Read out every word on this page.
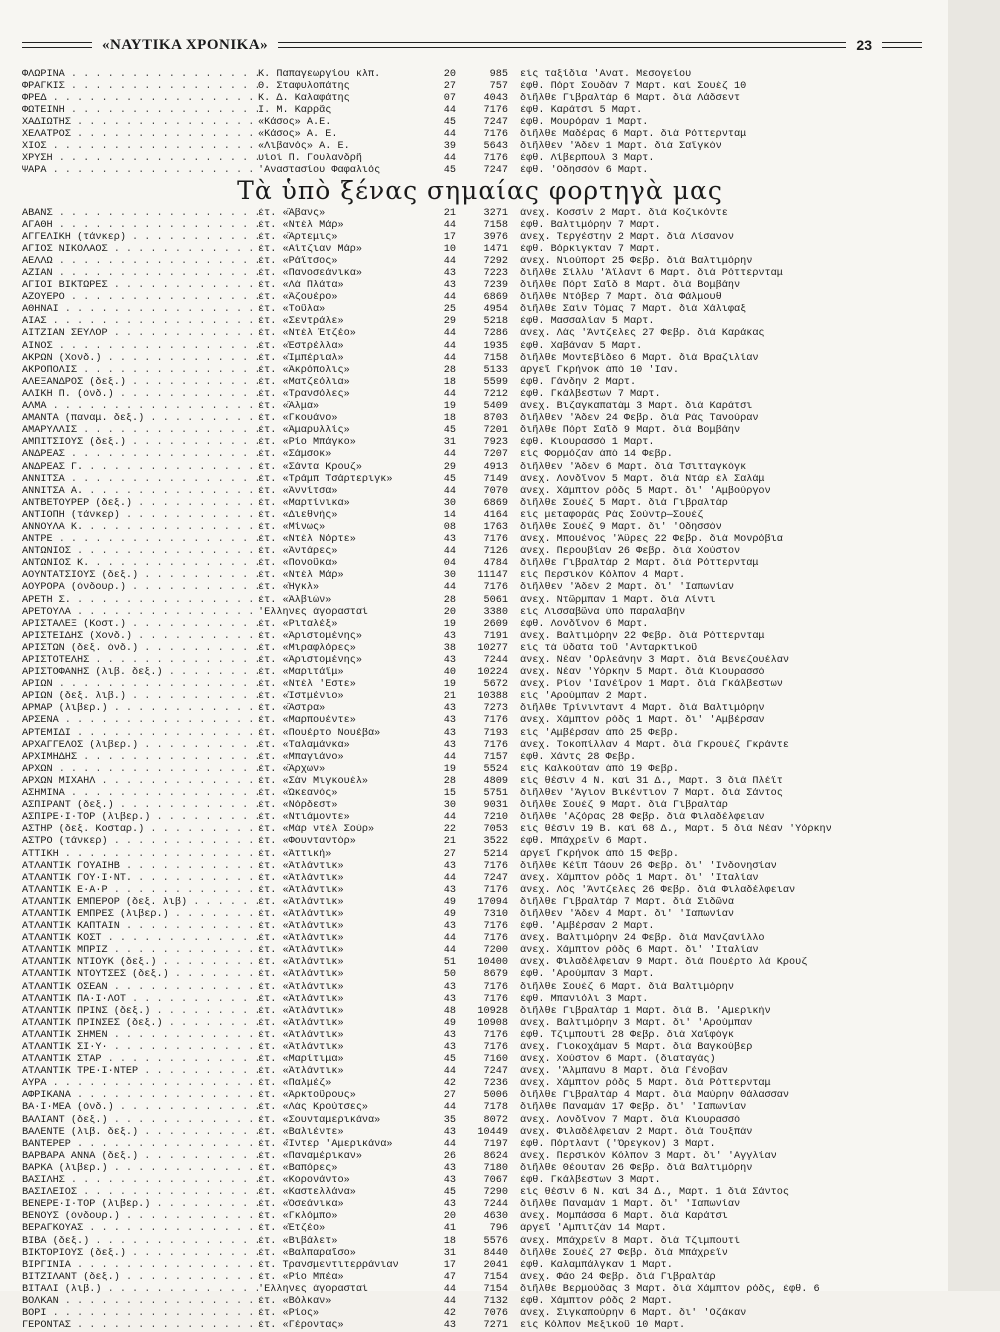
«ΝΑΥΤΙΚΑ ΧΡΟΝΙΚΑ»	23
ΦΛΩΡΙΝΑ . . .	Κ. Παπαγεωργίου κλπ.	20	985	εἰς ταξίδια 'Ανατ. Μεσογείου
ΦΡΑΓΚΙΣ . . .	Θ. Σταφυλοπάτης	27	757	ἐφθ. Πόρτ Σουδὰν 7 Μαρτ. καὶ Σουὲζ 10
ΦΡΕΔ . . .	Κ. Δ. Καλαφάτης	07	4043	διῆλθε Γιβραλτὰρ 6 Μαρτ. διὰ Λάδσεντ
ΦΩΤΕΙΝΗ . . .	Ι. Μ. Καρρᾶς	44	7176	ἐφθ. Καράτσι 5 Μαρτ.
ΧΑΔΙΩΤΗΣ . . .	«Κάσος» Α.Ε.	45	7247	ἐφθ. Μουρόραν 1 Μαρτ.
ΧΕΛΑΤΡΟΣ . . .	«Κάσος» Α. Ε.	44	7176	διῆλθε Μαδέρας 6 Μαρτ. διὰ Ρόττερνταμ
ΧΙΟΣ . . .	«Λιβανός» Α. Ε.	39	5643	διῆλθεν 'Άδεν 1 Μαρτ. διὰ Σαϊγκὸν
ΧΡΥΣΗ . . .	υἱοὶ Π. Γουλανδρῆ	44	7176	ἐφθ. Λίβερπουλ 3 Μαρτ.
ΨΑΡΑ . . .	'Αναστασίου Φαφαλιός	45	7247	ἐφθ. 'Οδησσὸν 6 Μαρτ.
Τὰ ὑπὸ ξένας σημαίας φορτηγὰ μας
ΑΒΑΝΣ . . .	ἐτ. «Ἄβανς»	21	3271	ἀνεχ. Κοσσὶν 2 Μαρτ. διὰ Κοζικόντε
ΑΓΑΘΗ . . .	ἐτ. «Ντὲλ Μάρ»	44	7158	ἐφθ. Βαλτιμόρην 7 Μαρτ.
ΑΓΓΕΛΙΚΗ (τάνκερ) . . .	ἐτ. «Ἄρτεμις»	17	3976	ἀνεχ. Τεργέστην 2 Μαρτ. διὰ Λίσανον
ΑΓΙΟΣ ΝΙΚΟΛΑΟΣ . . .	ἐτ. «Αἴτζιαν Μάρ»	10	1471	ἐφθ. Βόρκιγκταν 7 Μαρτ.
ΑΕΛΛΩ . . .	ἐτ. «Ράϊτσος»	44	7292	ἀνεχ. Νιούπορτ 25 Φεβρ. διὰ Βαλτιμόρην
ΑΖΙΑΝ . . .	ἐτ. «Πανοσεάνικα»	43	7223	διῆλθε Σίλλυ 'Άϊλαντ 6 Μαρτ. διὰ Ρόττερνταμ
ΑΓΙΟΙ ΒΙΚΤΩΡΕΣ . . .	ἐτ. «Λὰ Πλάτα»	43	7239	διῆλθε Πόρτ Σαΐδ 8 Μαρτ. διὰ Βομβάην
ΑΖΟΥΕΡΟ . . .	ἐτ. «Ἀζουέρο»	44	6869	διῆλθε Ντόβερ 7 Μαρτ. διὰ Φάλμουθ
ΑΘΗΝΑΙ . . .	ἐτ. «Τοῦλα»	25	4954	διῆλθε Σαὶν Τόμας 7 Μαρτ. διὰ Χάλιφαξ
ΑΙΑΣ . . .	ἐτ. «Σεντράλε»	29	5218	ἐφθ. Μασσαλίαν 5 Μαρτ.
ΑΙΤΖΙΑΝ ΣΕΫΛΟΡ . . .	ἐτ. «Ντὲλ Ἐτζέο»	44	7286	ἀνεχ. Λὰς 'Άντζελες 27 Φεβρ. διὰ Καράκας
ΑΙΝΟΣ . . .	ἐτ. «Ἐστρέλλα»	44	1935	ἐφθ. Χαβάναν 5 Μαρτ.
ΑΚΡΩΝ (Χονδ.) . . .	ἐτ. «Ἰμπέριαλ»	44	7158	διῆλθε Μοντεβίδεο 6 Μαρτ. διὰ Βραζιλίαν
ΑΚΡΟΠΟΛΙΣ . . .	ἐτ. «Ἀκρόπολις»	28	5133	ἀργεῖ Γκρήνοκ ἀπὸ 10 'Ιαν.
ΑΛΕΞΑΝΔΡΟΣ (δεξ.) . . .	ἐτ. «Ματζεόλια»	18	5599	ἐφθ. Γάνδην 2 Μαρτ.
ΑΛΙΚΗ Π. (ὀνδ.) . . .	ἐτ. «Τρανσόλες»	44	7212	ἐφθ. Γκάλβεστων 7 Μαρτ.
ΑΛΜΑ . . .	ἐτ. «Ἄλμα»	19	5409	ἀνεχ. Βιζαγκαπατὰμ 3 Μαρτ. διὰ Καράτσι
ΑΜΑΝΤΑ (παναμ. δεξ.) . . .	ἐτ. «Γκουάνο»	18	8703	διῆλθεν 'Άδεν 24 Φεβρ. διὰ Ρὰς Τανούραν
ΑΜΑΡΥΛΛΙΣ . . .	ἐτ. «Ἀμαρυλλίς»	45	7201	διῆλθε Πόρτ Σαΐδ 9 Μαρτ. διὰ Βομβάην
ΑΜΠΙΤΣΙΟΥΣ (δεξ.) . . .	ἐτ. «Ρίο Μπάγκο»	31	7923	ἐφθ. Κιουρασσὸ 1 Μαρτ.
ΑΝΔΡΕΑΣ . . .	ἐτ. «Σάμσοκ»	44	7207	εἰς Φορμόζαν ἀπὸ 14 Φεβρ.
ΑΝΔΡΕΑΣ Γ. . . .	ἐτ. «Σάντα Κρουζ»	29	4913	διῆλθεν 'Άδεν 6 Μαρτ. διὰ Τσιτταγκὸγκ
ΑΝΝΙΤΣΑ . . .	ἐτ. «Τράμπ Τσάρτεριγκ»	45	7149	ἀνεχ. Λονδῖνον 5 Μαρτ. διὰ Ντὰρ ἐλ Σαλὰμ
ΑΝΝΙΤΣΑ Α. . . .	ἐτ. «Ἀννίτσα»	44	7070	ἀνεχ. Χάμπτον ρόδς 5 Μαρτ. δι' 'Αμβούργον
ΑΝΤΒΕΤΟΥΡΕΡ (δεξ.) . . .	ἐτ. «Μαρτίνικα»	30	6869	διῆλθε Σουὲζ 5 Μαρτ. διὰ Γιβραλτὰρ
ΑΝΤΙΟΠΗ (τάνκερ) . . .	ἐτ. «Διεθνὴς»	14	4164	εἰς μεταφορὰς Ρὰς Σούντρ—Σουὲζ
ΑΝΝΟΥΛΑ Κ. . . .	ἐτ. «Μίνως»	08	1763	διῆλθε Σουὲζ 9 Μαρτ. δι' 'Οδησσὸν
ΑΝΤΡΕ . . .	ἐτ. «Ντὲλ Νόρτε»	43	7176	ἀνεχ. Μπουένος 'Άϋρες 22 Φεβρ. διὰ Μονρόβια
ΑΝΤΩΝΙΟΣ . . .	ἐτ. «Ἀντάρες»	44	7126	ἀνεχ. Περουβίαν 26 Φεβρ. διὰ Χούστον
ΑΝΤΩΝΙΟΣ Κ. . . .	ἐτ. «Πονοῦκα»	04	4784	διῆλθε Γιβραλτὰρ 2 Μαρτ. διὰ Ρόττερνταμ
ΑΟΥΝΤΑΤΣΙΟΥΣ (δεξ.) . . .	ἐτ. «Ντὲλ Μάρ»	30	11147	εἰς Περσικὸν Κόλπον 4 Μαρτ.
ΑΟΥΡΟΡΑ (ὀνδουρ.) . . .	ἐτ. «Ἠγκλ»	44	7176	διῆλθεν 'Άδεν 2 Μαρτ. δι' 'Ιαπωνίαν
ΑΡΕΤΗ Σ. . . .	ἐτ. «Ἀλβιὼν»	28	5061	ἀνεχ. Ντῶρμπαν 1 Μαρτ. διὰ Λίντι
ΑΡΕΤΟΥΛΑ . . .	'Ελληνες ἀγορασταὶ	20	3380	εἰς Λισσαβῶνα ὑπὸ παραλαβὴν
ΑΡΙΣΤΑΛΕΞ (Κοστ.) . . .	ἐτ. «Ριταλέξ»	19	2609	ἐφθ. Λονδῖνον 6 Μαρτ.
ΑΡΙΣΤΕΙΔΗΣ (Χονδ.) . . .	ἐτ. «Ἀριστομένης»	43	7191	ἀνεχ. Βαλτιμόρην 22 Φεβρ. διὰ Ρόττερνταμ
ΑΡΙΣΤΩΝ (δεξ. ὀνδ.) . . .	ἐτ. «Μιραφλόρες»	38	10277	εἰς τὰ ὕδατα τοῦ 'Ανταρκτικοῦ
ΑΡΙΣΤΟΤΕΛΗΣ . . .	ἐτ. «Ἀριστομένης»	43	7244	ἀνεχ. Νέαν 'Ορλεάνην 3 Μαρτ. διὰ Βενεζουέλαν
ΑΡΙΣΤΟΦΑΝΗΣ (λιβ. δεξ.) . . .	ἐτ. «Μαριτάϊμ»	40	10224	ἀνεχ. Νέαν 'Υόρκην 5 Μαρτ. διὰ Κιουρασσὸ
ΑΡΙΩΝ . . .	ἐτ. «Ντὲλ 'Εστε»	19	5672	ἀνεχ. Ρίον 'Ιανέϊρον 1 Μαρτ. διὰ Γκάλβεστων
ΑΡΙΩΝ (δεξ. λιβ.) . . .	ἐτ. «Ἰστμένιο»	21	10388	εἰς 'Αρούμπαν 2 Μαρτ.
ΑΡΜΑΡ (λιβερ.) . . .	ἐτ. «Ἄστρα»	43	7273	διῆλθε Τρίνινταντ 4 Μαρτ. διὰ Βαλτιμόρην
ΑΡΣΕΝΑ . . .	ἐτ. «Μαρπουέντε»	43	7176	ἀνεχ. Χάμπτον ρόδς 1 Μαρτ. δι' 'Αμβέρσαν
ΑΡΤΕΜΙΔΙ . . .	ἐτ. «Πουέρτο Νουέβα»	43	7193	εἰς 'Αμβέρσαν ἀπὸ 25 Φεβρ.
ΑΡΧΑΓΓΕΛΟΣ (λιβερ.) . . .	ἐτ. «Ταλαμάνκα»	43	7176	ἀνεχ. Τοκοπίλλαν 4 Μαρτ. διὰ Γκρουὲζ Γκράντε
ΑΡΧΙΜΗΔΗΣ . . .	ἐτ. «Μπαγιάνο»	44	7157	ἐφθ. Χάντς 28 Φεβρ.
ΑΡΧΩΝ . . .	ἐτ. «Ἄρχων»	19	5524	εἰς Καλκούταν ἀπὸ 19 Φεβρ.
ΑΡΧΩΝ ΜΙΧΑΗΛ . . .	ἐτ. «Σὰν Μιγκουὲλ»	28	4809	εἰς θέσιν 4 Ν. καὶ 31 Δ., Μαρτ. 3 διὰ Πλέϊτ
ΑΣΗΜΙΝΑ . . .	ἐτ. «Ὠκεανὸς»	15	5751	διῆλθεν 'Άγιον Βικέντιον 7 Μαρτ. διὰ Σάντος
ΑΣΠΙΡΑΝΤ (δεξ.) . . .	ἐτ. «Νόρδεστ»	30	9031	διῆλθε Σουὲζ 9 Μαρτ. διὰ Γιβραλτὰρ
ΑΣΠΙΡΕ·Ι·ΤΟΡ (λιβερ.) . . .	ἐτ. «Ντιάμοντε»	44	7210	διῆλθε 'Αζόρας 28 Φεβρ. διὰ Φιλαδέλφειαν
ΑΣΤΗΡ (δεξ. Κοσταρ.) . . .	ἐτ. «Μὰρ ντὲλ Σοὺρ»	22	7053	εἰς θέσιν 19 Β. καὶ 68 Δ., Μαρτ. 5 διὰ Νέαν 'Υόρκην
ΑΣΤΡΟ (τάνκερ) . . .	ἐτ. «Φουνταντὸρ»	21	3522	ἐφθ. Μπάχρεϊν 6 Μαρτ.
ΑΤΤΙΚΗ . . .	ἐτ. «Ἀττική»	27	5214	ἀργεῖ Γκρήνοκ ἀπὸ 15 Φεβρ.
ΑΤΛΑΝΤΙΚ ΓΟΥΑΙΗΒ . . .	ἐτ. «Ἀτλάντικ»	43	7176	διῆλθε Κέϊπ Τάουν 26 Φεβρ. δι' 'Ινδονησίαν
ΑΤΛΑΝΤΙΚ ΓΟΥ·Ι·ΝΤ. . . .	ἐτ. «Ἀτλάντικ»	44	7247	ἀνεχ. Χάμπτον ρόδς 1 Μαρτ. δι' 'Ιταλίαν
ΑΤΛΑΝΤΙΚ Ε·Α·Ρ . . .	ἐτ. «Ἀτλάντικ»	43	7176	ἀνεχ. Λὸς 'Άντζελες 26 Φεβρ. διὰ Φιλαδέλφειαν
ΑΤΛΑΝΤΙΚ ΕΜΠΕΡΟΡ (δεξ. λιβ) . . .	ἐτ. «Ἀτλάντικ»	49	17094	διῆλθε Γιβραλτὰρ 7 Μαρτ. διὰ Σιδῶνα
ΑΤΛΑΝΤΙΚ ΕΜΠΡΕΣ (λιβερ.) . . .	ἐτ. «Ἀτλάντικ»	49	7310	διῆλθεν 'Άδεν 4 Μαρτ. δι' 'Ιαπωνίαν
ΑΤΛΑΝΤΙΚ ΚΑΠΤΑΙΝ . . .	ἐτ. «Ἀτλάντικ»	43	7176	ἐφθ. 'Αμβέρσαν 2 Μαρτ.
ΑΤΛΑΝΤΙΚ ΚΟΣΤ . . .	ἐτ. «Ἀτλάντικ»	44	7176	ἀνεχ. Βαλτιμόρην 24 Φεβρ. διὰ Μανζανίλλο
ΑΤΛΑΝΤΙΚ ΜΠΡΙΖ . . .	ἐτ. «Ἀτλάντικ»	44	7200	ἀνεχ. Χάμπτον ρόδς 6 Μαρτ. δι' 'Ιταλίαν
ΑΤΛΑΝΤΙΚ ΝΤΙΟΥΚ (δεξ.) . . .	ἐτ. «Ἀτλάντικ»	51	10400	ἀνεχ. Φιλαδέλφειαν 9 Μαρτ. διὰ Πουέρτο λὰ Κρουζ
ΑΤΛΑΝΤΙΚ ΝΤΟΥΤΣΕΣ (δεξ.) . . .	ἐτ. «Ἀτλάντικ»	50	8679	ἐφθ. 'Αρούμπαν 3 Μαρτ.
ΑΤΛΑΝΤΙΚ ΟΣΕΑΝ . . .	ἐτ. «Ἀτλάντικ»	43	7176	διῆλθε Σουὲζ 6 Μαρτ. διὰ Βαλτιμόρην
ΑΤΛΑΝΤΙΚ ΠΑ·Ι·ΛΟΤ . . .	ἐτ. «Ἀτλάντικ»	43	7176	ἐφθ. Μπανιόλι 3 Μαρτ.
ΑΤΛΑΝΤΙΚ ΠΡΙΝΣ (δεξ.) . . .	ἐτ. «Ἀτλάντικ»	48	10928	διῆλθε Γιβραλτὰρ 1 Μαρτ. διὰ Β. 'Αμερικὴν
ΑΤΛΑΝΤΙΚ ΠΡΙΝΣΕΣ (δεξ.) . . .	ἐτ. «Ἀτλάντικ»	49	10908	ἀνεχ. Βαλτιμόρην 3 Μαρτ. δι' 'Αρούμπαν
ΑΤΛΑΝΤΙΚ ΣΗΜΕΝ . . .	ἐτ. «Ἀτλάντικ»	43	7176	ἐφθ. Τζιμπουτὶ 28 Φεβρ. διὰ Χαϊφὸγκ
ΑΤΛΑΝΤΙΚ ΣΙ·Υ· . . .	ἐτ. «Ἀτλάντικ»	43	7176	ἀνεχ. Γιοκοχάμαν 5 Μαρτ. διὰ Βαγκούβερ
ΑΤΛΑΝΤΙΚ ΣΤΑΡ . . .	ἐτ. «Μαρίτιμα»	45	7160	ἀνεχ. Χούστον 6 Μαρτ. (διαταγὰς)
ΑΤΛΑΝΤΙΚ ΤΡΕ·Ι·ΝΤΕΡ . . .	ἐτ. «Ἀτλάντικ»	44	7247	ἀνεχ. 'Άλμπανυ 8 Μαρτ. διὰ Γένοβαν
ΑΥΡΑ . . .	ἐτ. «Παλμέζ»	42	7236	ἀνεχ. Χάμπτον ρόδς 5 Μαρτ. διὰ Ρόττερνταμ
ΑΦΡΙΚΑΝΑ . . .	ἐτ. «Ἀρκτοῦρους»	27	5006	διῆλθε Γιβραλτὰρ 4 Μαρτ. διὰ Μαύρην Θάλασσαν
ΒΑ·Ι·ΜΕΑ (ὀνδ.) . . .	ἐτ. «Λὰς Κρούτσες»	44	7178	διῆλθε Παναμὰν 17 Φεβρ. δι' 'Ιαπωνίαν
ΒΑΛΙΑΝΤ (δεξ.) . . .	ἐτ. «Σουνταμερικάνα»	35	8072	ἀνεχ. Λονδῖνον 7 Μαρτ. διὰ Κιουρασσὸ
ΒΑΛΕΝΤΕ (λιβ. δεξ.) . . .	ἐτ. «Βαλιέντε»	43	10449	ἀνεχ. Φιλαδέλφειαν 2 Μαρτ. διὰ Τουξπὰν
ΒΑΝΤΕΡΕΡ . . .	ἐτ. «Ἴντερ 'Αμερικάνα»	44	7197	ἐφθ. Πόρτλαντ ('Όρεγκον) 3 Μαρτ.
ΒΑΡΒΑΡΑ ΑΝΝΑ (δεξ.) . . .	ἐτ. «Παναμέρικαν»	26	8624	ἀνεχ. Περσικὸν Κόλπον 3 Μαρτ. δι' 'Αγγλίαν
ΒΑΡΚΑ (λιβερ.) . . .	ἐτ. «Βαπόρες»	43	7180	διῆλθε Θέουταν 26 Φεβρ. διὰ Βαλτιμόρην
ΒΑΣΙΛΗΣ . . .	ἐτ. «Κορονάντο»	43	7067	ἐφθ. Γκάλβεστων 3 Μαρτ.
ΒΑΣΙΛΕΙΟΣ . . .	ἐτ. «Καστελλάνα»	45	7290	εἰς θέσιν 6 Ν. καὶ 34 Δ., Μαρτ. 1 διὰ Σάντος
ΒΕΝΕΡΕ·Ι·ΤΟΡ (λιβερ.) . . .	ἐτ. «Ὀσεάνικα»	43	7244	διῆλθε Παναμὰν 1 Μαρτ. δι' 'Ιαπωνίαν
ΒΕΝΟΥΣ (ὀνδουρ.) . . .	ἐτ. «Γκλόμπο»	20	4630	ἀνεχ. Μομπάσσα 6 Μαρτ. διὰ Καράτσι
ΒΕΡΑΓΚΟΥΑΣ . . .	ἐτ. «Ἐτζέο»	41	796	ἀργεῖ 'Αμπιτζὰν 14 Μαρτ.
ΒΙΒΑ (δεξ.) . . .	ἐτ. «Βιβάλετ»	18	5576	ἀνεχ. Μπάχρεϊν 8 Μαρτ. διὰ Τζιμπουτὶ
ΒΙΚΤΟΡΙΟΥΣ (δεξ.) . . .	ἐτ. «Βαλπαραΐσο»	31	8440	διῆλθε Σουὲζ 27 Φεβρ. διὰ Μπάχρεϊν
ΒΙΡΓΙΝΙΑ . . .	ἐτ. Τρανσμεντιτερράνιαν	17	2041	ἐφθ. Καλαμπάλγκαν 1 Μαρτ.
ΒΙΤΖΙΛΑΝΤ (δεξ.) . . .	ἐτ. «Ρίο Μπέα»	47	7154	ἀνεχ. Φάο 24 Φεβρ. διὰ Γιβραλτὰρ
ΒΙΤΑΛΙ (λιβ.) . . .	'Ελληνες ἀγορασταὶ	44	7154	διῆλθε Βερμούδας 3 Μαρτ. διὰ Χάμπτον ρόδς, ἐφθ. 6
ΒΟΛΚΑΝ . . .	ἐτ. «Βόλκαν»	44	7132	ἐφθ. Χάμπτον ρόδς 2 Μαρτ.
ΒΟΡΙ . . .	ἐτ. «Ρίος»	42	7076	ἀνεχ. Σιγκαπούρην 6 Μαρτ. δι' 'Οζάκαν
ΓΕΡΟΝΤΑΣ . . .	ἐτ. «Γέροντας»	43	7271	εἰς Κόλπον Μεξικοῦ 10 Μαρτ.
